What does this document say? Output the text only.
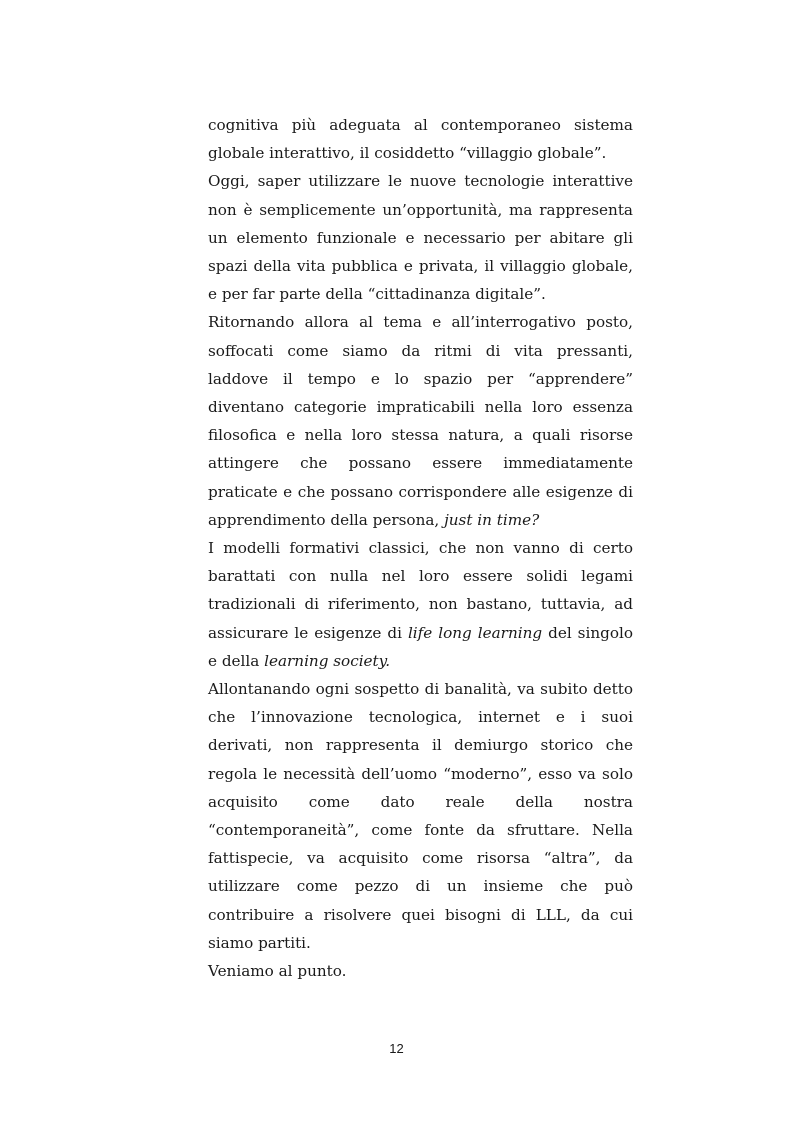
cognitiva più adeguata al contemporaneo sistema globale interattivo, il cosiddetto “villaggio globale”.

Oggi, saper utilizzare le nuove tecnologie interattive non è semplicemente un’opportunità, ma rappresenta un elemento funzionale e necessario per abitare gli spazi della vita pubblica e privata, il villaggio globale, e per far parte della “cittadinanza digitale”.

Ritornando allora al tema e all’interrogativo posto, soffocati come siamo da ritmi di vita pressanti, laddove il tempo e lo spazio per “apprendere” diventano categorie impraticabili nella loro essenza filosofica e nella loro stessa natura, a quali risorse attingere che possano essere immediatamente praticate e che possano corrispondere alle esigenze di apprendimento della persona, just in time?

I modelli formativi classici, che non vanno di certo barattati con nulla nel loro essere solidi legami tradizionali di riferimento, non bastano, tuttavia, ad assicurare le esigenze di life long learning del singolo e della learning society.

Allontanando ogni sospetto di banalità, va subito detto che l’innovazione tecnologica, internet e i suoi derivati, non rappresenta il demiurgo storico che regola le necessità dell’uomo “moderno”, esso va solo acquisito come dato reale della nostra “contemporaneità”, come fonte da sfruttare. Nella fattispecie, va acquisito come risorsa “altra”, da utilizzare come pezzo di un insieme che può contribuire a risolvere quei bisogni di LLL, da cui siamo partiti.

Veniamo al punto.

12
